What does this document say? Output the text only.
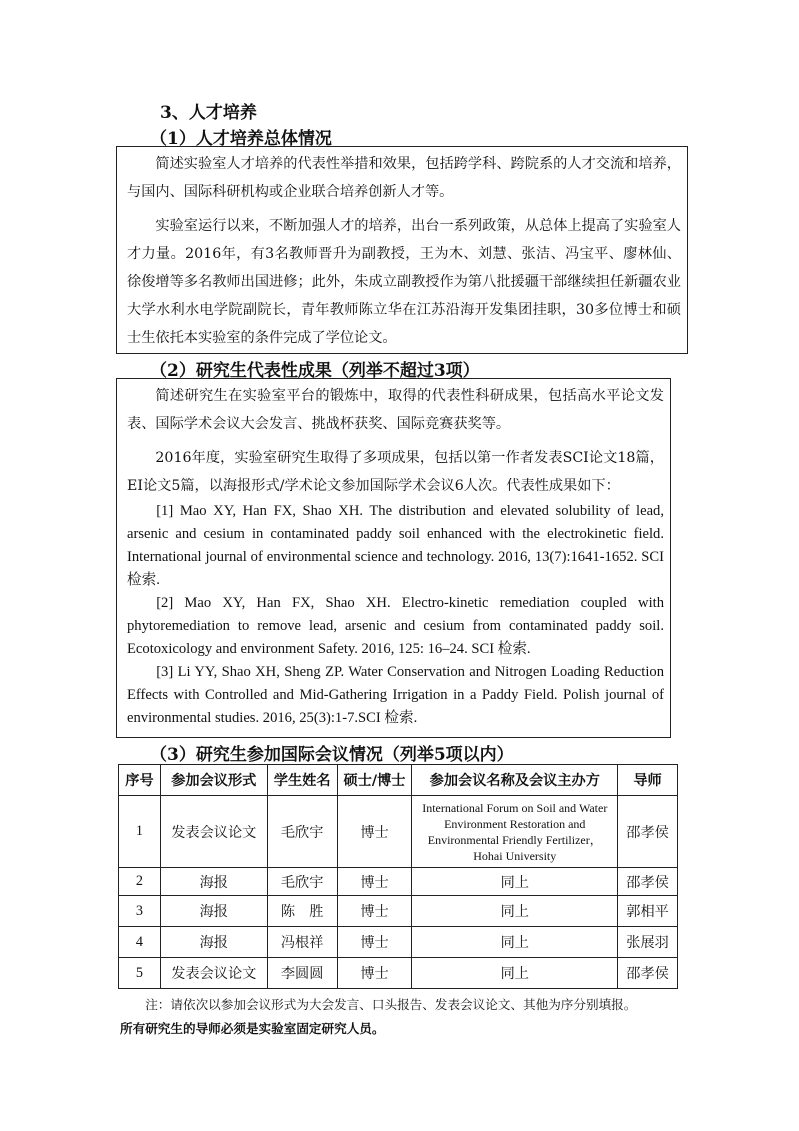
3、人才培养
（1）人才培养总体情况

简述实验室人才培养的代表性举措和效果，包括跨学科、跨院系的人才交流和培养，与国内、国际科研机构或企业联合培养创新人才等。

实验室运行以来，不断加强人才的培养，出台一系列政策，从总体上提高了实验室人才力量。2016年，有3名教师晋升为副教授，王为木、刘慧、张洁、冯宝平、廖林仙、徐俊增等多名教师出国进修；此外，朱成立副教授作为第八批援疆干部继续担任新疆农业大学水利水电学院副院长，青年教师陈立华在江苏沿海开发集团挂职，30多位博士和硕士生依托本实验室的条件完成了学位论文。

（2）研究生代表性成果（列举不超过3项）

简述研究生在实验室平台的锻炼中，取得的代表性科研成果，包括高水平论文发表、国际学术会议大会发言、挑战杯获奖、国际竞赛获奖等。

2016年度，实验室研究生取得了多项成果，包括以第一作者发表SCI论文18篇，EI论文5篇，以海报形式/学术论文参加国际学术会议6人次。代表性成果如下：

[1] Mao XY, Han FX, Shao XH. The distribution and elevated solubility of lead, arsenic and cesium in contaminated paddy soil enhanced with the electrokinetic field. International journal of environmental science and technology. 2016, 13(7):1641-1652. SCI 检索.

[2] Mao XY, Han FX, Shao XH. Electro-kinetic remediation coupled with phytoremediation to remove lead, arsenic and cesium from contaminated paddy soil. Ecotoxicology and environment Safety. 2016, 125: 16–24. SCI 检索.

[3] Li YY, Shao XH, Sheng ZP. Water Conservation and Nitrogen Loading Reduction Effects with Controlled and Mid-Gathering Irrigation in a Paddy Field. Polish journal of environmental studies. 2016, 25(3):1-7.SCI 检索.

（3）研究生参加国际会议情况（列举5项以内）
序号	参加会议形式	学生姓名	硕士/博士	参加会议名称及会议主办方	导师
1	发表会议论文	毛欣宇	博士	International Forum on Soil and Water Environment Restoration and Environmental Friendly Fertilizer，Hohai University	邵孝侯
2	海报	毛欣宇	博士	同上	邵孝侯
3	海报	陈　胜	博士	同上	郭相平
4	海报	冯根祥	博士	同上	张展羽
5	发表会议论文	李圆圆	博士	同上	邵孝侯
注：请依次以参加会议形式为大会发言、口头报告、发表会议论文、其他为序分别填报。
所有研究生的导师必须是实验室固定研究人员。
